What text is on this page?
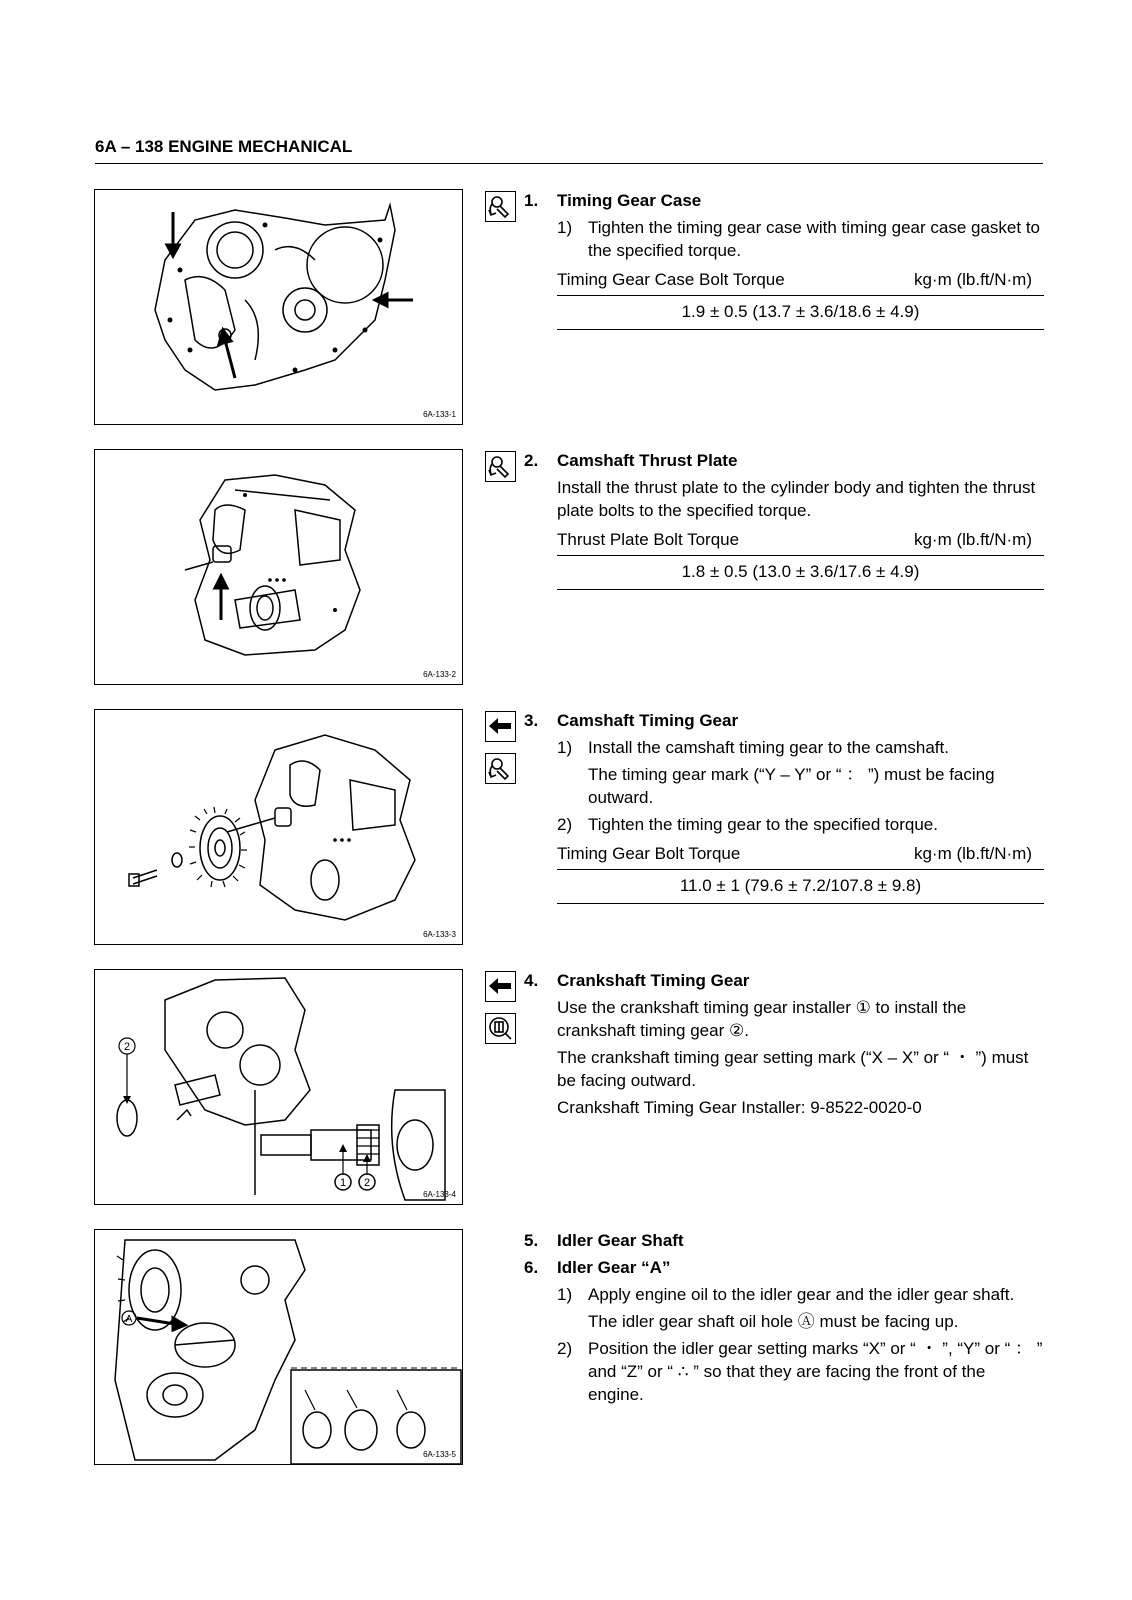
6A – 138 ENGINE MECHANICAL
6A-133-1
6A-133-2
6A-133-3
2
1 2
6A-133-4
A
6A-133-5
1.	Timing Gear Case
1) Tighten the timing gear case with timing gear case gasket to the specified torque.
Timing Gear Case Bolt Torque	kg·m (lb.ft/N·m)
1.9 ± 0.5 (13.7 ± 3.6/18.6 ± 4.9)
2.	Camshaft Thrust Plate
Install the thrust plate to the cylinder body and tighten the thrust plate bolts to the specified torque.
Thrust Plate Bolt Torque	kg·m (lb.ft/N·m)
1.8 ± 0.5 (13.0 ± 3.6/17.6 ± 4.9)
3.	Camshaft Timing Gear
1) Install the camshaft timing gear to the camshaft.
The timing gear mark (“Y – Y” or “ ： ”) must be facing outward.
2) Tighten the timing gear to the specified torque.
Timing Gear Bolt Torque	kg·m (lb.ft/N·m)
11.0 ± 1 (79.6 ± 7.2/107.8 ± 9.8)
4.	Crankshaft Timing Gear
Use the crankshaft timing gear installer ① to install the crankshaft timing gear ②.
The crankshaft timing gear setting mark (“X – X” or “ ・ ”) must be facing outward.
Crankshaft Timing Gear Installer: 9-8522-0020-0
5.	Idler Gear Shaft
6.	Idler Gear “A”
1) Apply engine oil to the idler gear and the idler gear shaft.
The idler gear shaft oil hole Ⓐ must be facing up.
2) Position the idler gear setting marks “X” or “ ・ ”, “Y” or “ ： ” and “Z” or “ ∴ ” so that they are facing the front of the engine.
